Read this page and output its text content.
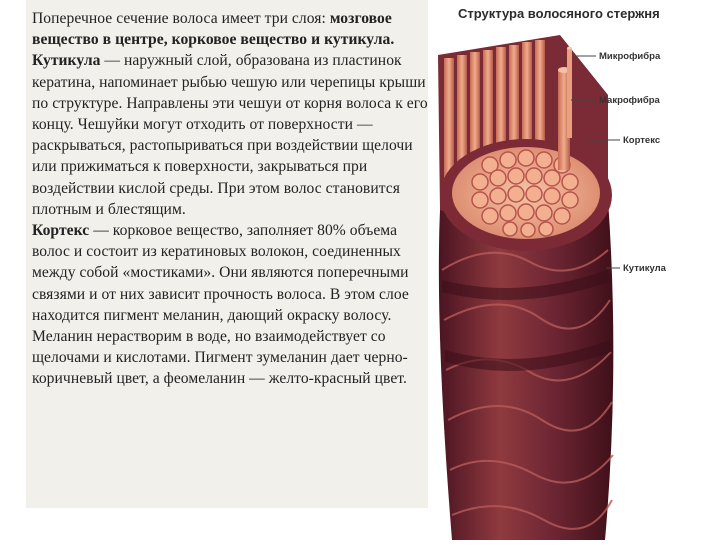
Поперечное сечение волоса имеет три слоя: мозговое вещество в центре, корковое вещество и кутикула.
Кутикула — наружный слой, образована из пластинок кератина, напоминает рыбью чешую или черепицы крыши по структуре. Направлены эти чешуи от корня волоса к его концу. Чешуйки могут отходить от поверхности — раскрываться, растопыриваться при воздействии щелочи или прижиматься к поверхности, закрываться при воздействии кислой среды. При этом волос становится плотным и блестящим.
Кортекс — корковое вещество, заполняет 80% объема волос и состоит из кератиновых волокон, соединенных между собой «мостиками». Они являются поперечными связями и от них зависит прочность волоса. В этом слое находится пигмент меланин, дающий окраску волосу. Меланин нерастворим в воде, но взаимодействует со щелочами и кислотами. Пигмент зумеланин дает черно-коричневый цвет, а феомеланин — желто-красный цвет.
Структура волосяного стержня
Микрофибра
Макрофибра
Кортекс
Кутикула
